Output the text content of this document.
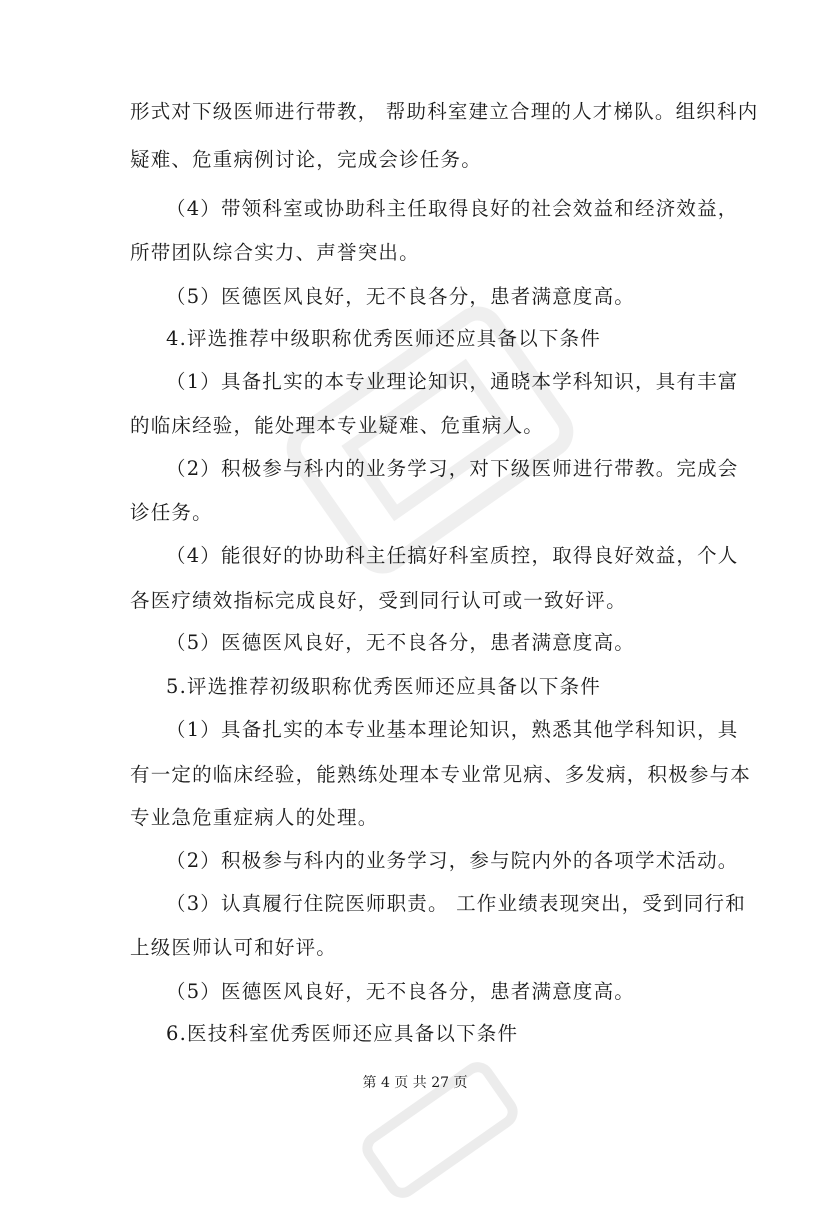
形式对下级医师进行带教， 帮助科室建立合理的人才梯队。组织科内
疑难、危重病例讨论，完成会诊任务。
（4）带领科室或协助科主任取得良好的社会效益和经济效益，
所带团队综合实力、声誉突出。
（5）医德医风良好，无不良各分，患者满意度高。
4.评选推荐中级职称优秀医师还应具备以下条件
（1）具备扎实的本专业理论知识，通晓本学科知识，具有丰富
的临床经验，能处理本专业疑难、危重病人。
（2）积极参与科内的业务学习，对下级医师进行带教。完成会
诊任务。
（4）能很好的协助科主任搞好科室质控，取得良好效益，个人
各医疗绩效指标完成良好，受到同行认可或一致好评。
（5）医德医风良好，无不良各分，患者满意度高。
5.评选推荐初级职称优秀医师还应具备以下条件
（1）具备扎实的本专业基本理论知识，熟悉其他学科知识，具
有一定的临床经验，能熟练处理本专业常见病、多发病，积极参与本
专业急危重症病人的处理。
（2）积极参与科内的业务学习，参与院内外的各项学术活动。
（3）认真履行住院医师职责。 工作业绩表现突出，受到同行和
上级医师认可和好评。
（5）医德医风良好，无不良各分，患者满意度高。
6.医技科室优秀医师还应具备以下条件
第 4 页 共 27 页
